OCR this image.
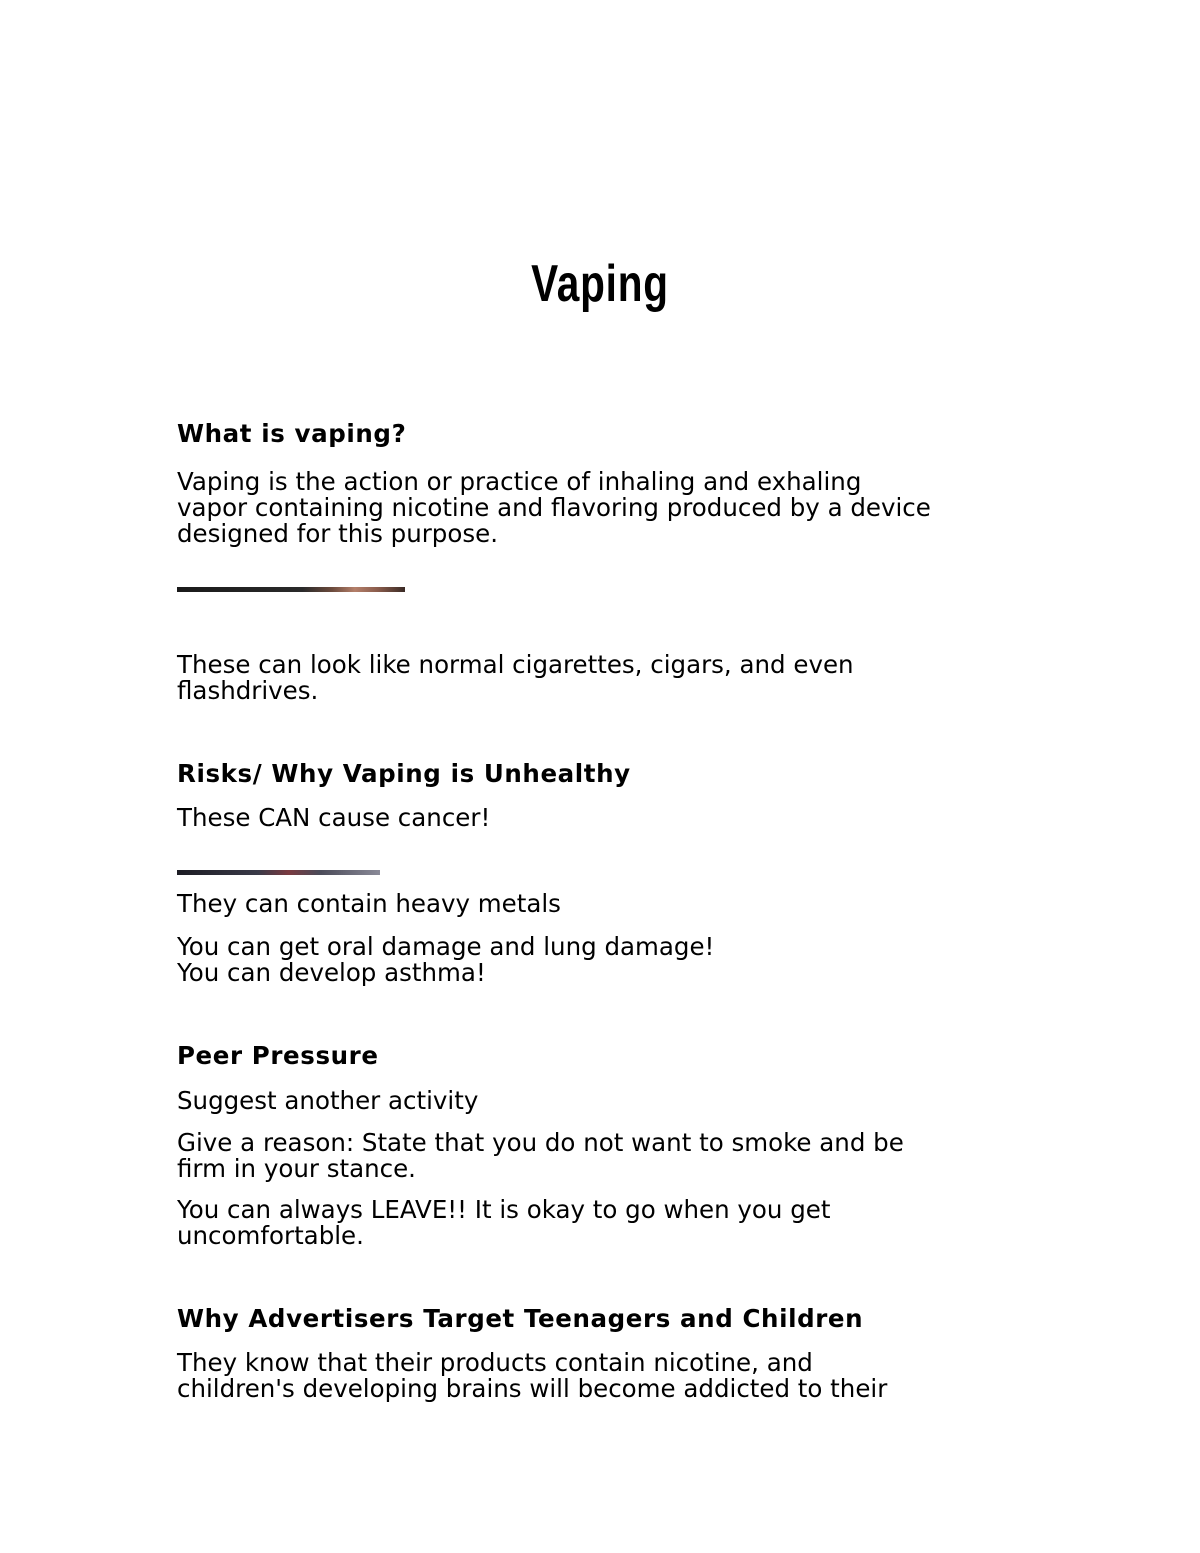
Vaping
What is vaping?
Vaping is the action or practice of inhaling and exhaling
vapor containing nicotine and flavoring produced by a device
designed for this purpose.
These can look like normal cigarettes, cigars, and even
flashdrives.
Risks/ Why Vaping is Unhealthy
These CAN cause cancer!
They can contain heavy metals
You can get oral damage and lung damage!
You can develop asthma!
Peer Pressure
Suggest another activity
Give a reason: State that you do not want to smoke and be
firm in your stance.
You can always LEAVE!! It is okay to go when you get
uncomfortable.
Why Advertisers Target Teenagers and Children
They know that their products contain nicotine, and
children's developing brains will become addicted to their
